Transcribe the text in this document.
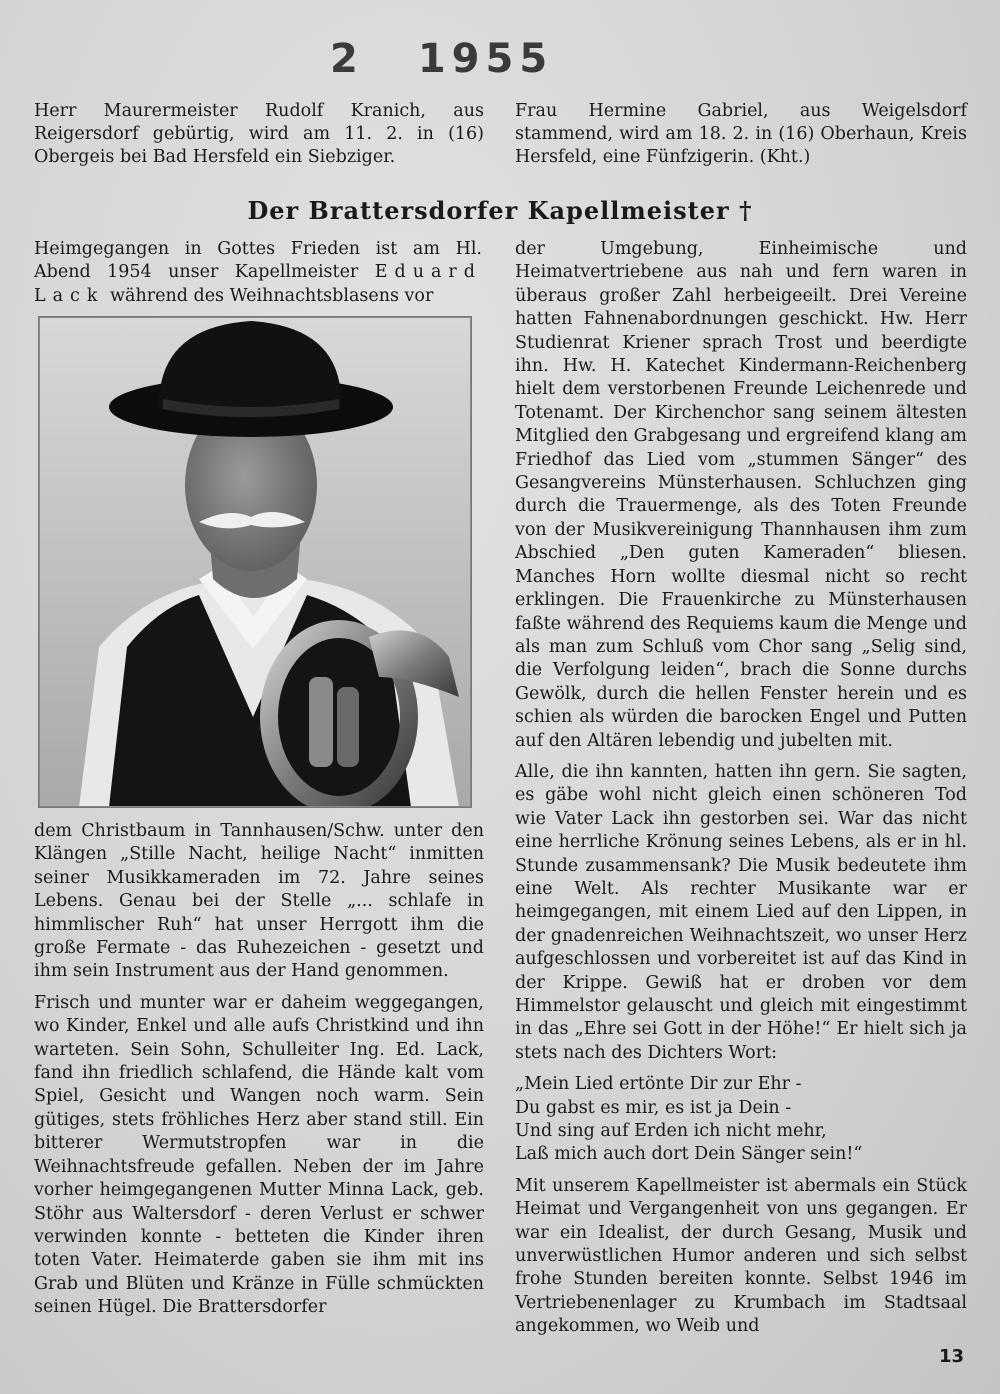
2 1955
Herr Maurermeister Rudolf Kranich, aus Reigersdorf gebürtig, wird am 11. 2. in (16) Obergeis bei Bad Hersfeld ein Siebziger.
Frau Hermine Gabriel, aus Weigelsdorf stammend, wird am 18. 2. in (16) Oberhaun, Kreis Hersfeld, eine Fünfzigerin. (Kht.)
Der Brattersdorfer Kapellmeister †

Heimgegangen in Gottes Frieden ist am Hl. Abend 1954 unser Kapellmeister Eduard Lack während des Weihnachtsblasens vor

dem Christbaum in Tannhausen/Schw. unter den Klängen „Stille Nacht, heilige Nacht“ inmitten seiner Musikkameraden im 72. Jahre seines Lebens. Genau bei der Stelle „... schlafe in himmlischer Ruh“ hat unser Herrgott ihm die große Fermate - das Ruhezeichen - gesetzt und ihm sein Instrument aus der Hand genommen.

Frisch und munter war er daheim weggegangen, wo Kinder, Enkel und alle aufs Christkind und ihn warteten. Sein Sohn, Schulleiter Ing. Ed. Lack, fand ihn friedlich schlafend, die Hände kalt vom Spiel, Gesicht und Wangen noch warm. Sein gütiges, stets fröhliches Herz aber stand still. Ein bitterer Wermutstropfen war in die Weihnachtsfreude gefallen. Neben der im Jahre vorher heimgegangenen Mutter Minna Lack, geb. Stöhr aus Waltersdorf - deren Verlust er schwer verwinden konnte - betteten die Kinder ihren toten Vater. Heimaterde gaben sie ihm mit ins Grab und Blüten und Kränze in Fülle schmückten seinen Hügel. Die Brattersdorfer

der Umgebung, Einheimische und Heimatvertriebene aus nah und fern waren in überaus großer Zahl herbeigeeilt. Drei Vereine hatten Fahnenabordnungen geschickt. Hw. Herr Studienrat Kriener sprach Trost und beerdigte ihn. Hw. H. Katechet Kindermann-Reichenberg hielt dem verstorbenen Freunde Leichenrede und Totenamt. Der Kirchenchor sang seinem ältesten Mitglied den Grabgesang und ergreifend klang am Friedhof das Lied vom „stummen Sänger“ des Gesangvereins Münsterhausen. Schluchzen ging durch die Trauermenge, als des Toten Freunde von der Musikvereinigung Thannhausen ihm zum Abschied „Den guten Kameraden“ bliesen. Manches Horn wollte diesmal nicht so recht erklingen. Die Frauenkirche zu Münsterhausen faßte während des Requiems kaum die Menge und als man zum Schluß vom Chor sang „Selig sind, die Verfolgung leiden“, brach die Sonne durchs Gewölk, durch die hellen Fenster herein und es schien als würden die barocken Engel und Putten auf den Altären lebendig und jubelten mit.

Alle, die ihn kannten, hatten ihn gern. Sie sagten, es gäbe wohl nicht gleich einen schöneren Tod wie Vater Lack ihn gestorben sei. War das nicht eine herrliche Krönung seines Lebens, als er in hl. Stunde zusammensank? Die Musik bedeutete ihm eine Welt. Als rechter Musikante war er heimgegangen, mit einem Lied auf den Lippen, in der gnadenreichen Weihnachtszeit, wo unser Herz aufgeschlossen und vorbereitet ist auf das Kind in der Krippe. Gewiß hat er droben vor dem Himmelstor gelauscht und gleich mit eingestimmt in das „Ehre sei Gott in der Höhe!“ Er hielt sich ja stets nach des Dichters Wort:

„Mein Lied ertönte Dir zur Ehr -
Du gabst es mir, es ist ja Dein -
Und sing auf Erden ich nicht mehr,
Laß mich auch dort Dein Sänger sein!“

Mit unserem Kapellmeister ist abermals ein Stück Heimat und Vergangenheit von uns gegangen. Er war ein Idealist, der durch Gesang, Musik und unverwüstlichen Humor anderen und sich selbst frohe Stunden bereiten konnte. Selbst 1946 im Vertriebenenlager zu Krumbach im Stadtsaal angekommen, wo Weib und

13
